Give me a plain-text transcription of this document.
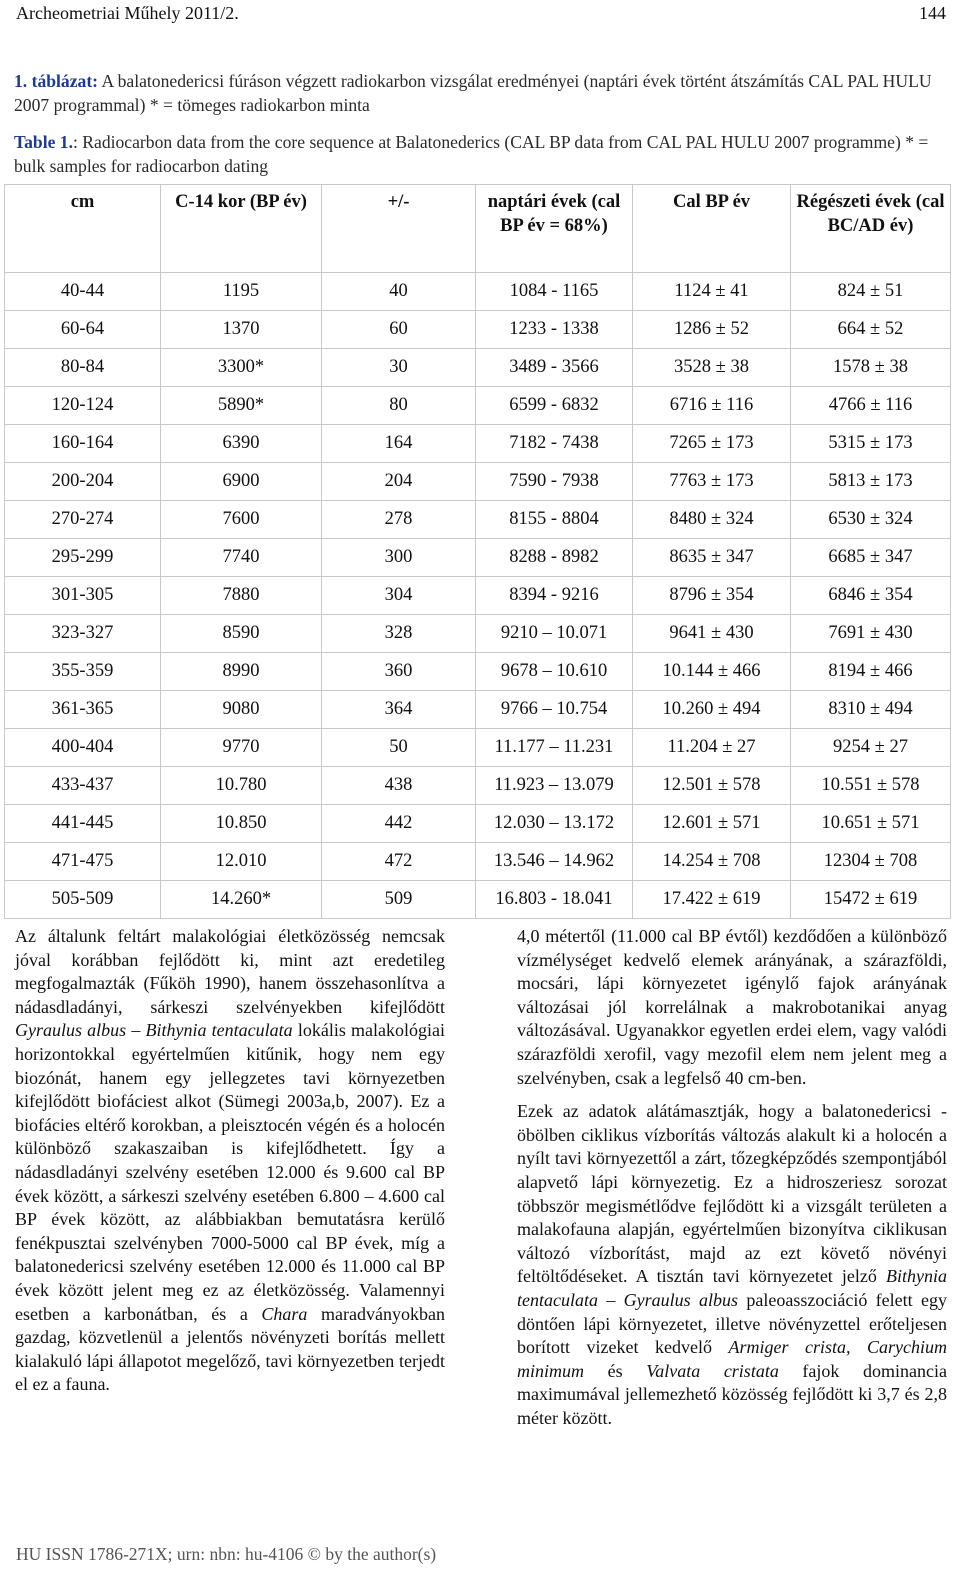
Archeometriai Műhely 2011/2.	144
1. táblázat: A balatonedericsi fúráson végzett radiokarbon vizsgálat eredményei (naptári évek történt átszámítás CAL PAL HULU 2007 programmal) * = tömeges radiokarbon minta
Table 1.: Radiocarbon data from the core sequence at Balatonederics (CAL BP data from CAL PAL HULU 2007 programme) * = bulk samples for radiocarbon dating
cm	C-14 kor (BP év)	+/-	naptári évek (cal BP év = 68%)	Cal BP év	Régészeti évek (cal BC/AD év)
40-44	1195	40	1084 - 1165	1124 ± 41	824 ± 51
60-64	1370	60	1233 - 1338	1286 ± 52	664 ± 52
80-84	3300*	30	3489 - 3566	3528 ± 38	1578 ± 38
120-124	5890*	80	6599 - 6832	6716 ± 116	4766 ± 116
160-164	6390	164	7182 - 7438	7265 ± 173	5315 ± 173
200-204	6900	204	7590 - 7938	7763 ± 173	5813 ± 173
270-274	7600	278	8155 - 8804	8480 ± 324	6530 ± 324
295-299	7740	300	8288 - 8982	8635 ± 347	6685 ± 347
301-305	7880	304	8394 - 9216	8796 ± 354	6846 ± 354
323-327	8590	328	9210 – 10.071	9641 ± 430	7691 ± 430
355-359	8990	360	9678 – 10.610	10.144 ± 466	8194 ± 466
361-365	9080	364	9766 – 10.754	10.260 ± 494	8310 ± 494
400-404	9770	50	11.177 – 11.231	11.204 ± 27	9254 ± 27
433-437	10.780	438	11.923 – 13.079	12.501 ± 578	10.551 ± 578
441-445	10.850	442	12.030 – 13.172	12.601 ± 571	10.651 ± 571
471-475	12.010	472	13.546 – 14.962	14.254 ± 708	12304 ± 708
505-509	14.260*	509	16.803 - 18.041	17.422 ± 619	15472 ± 619

Az általunk feltárt malakológiai életközösség nemcsak jóval korábban fejlődött ki, mint azt eredetileg megfogalmazták (Fűköh 1990), hanem összehasonlítva a nádasdladányi, sárkeszi szelvényekben kifejlődött Gyraulus albus – Bithynia tentaculata lokális malakológiai horizontokkal egyértelműen kitűnik, hogy nem egy biozónát, hanem egy jellegzetes tavi környezetben kifejlődött biofáciest alkot (Sümegi 2003a,b, 2007). Ez a biofácies eltérő korokban, a pleisztocén végén és a holocén különböző szakaszaiban is kifejlődhetett. Így a nádasdladányi szelvény esetében 12.000 és 9.600 cal BP évek között, a sárkeszi szelvény esetében 6.800 – 4.600 cal BP évek között, az alábbiakban bemutatásra kerülő fenékpusztai szelvényben 7000-5000 cal BP évek, míg a balatonedericsi szelvény esetében 12.000 és 11.000 cal BP évek között jelent meg ez az életközösség. Valamennyi esetben a karbonátban, és a Chara maradványokban gazdag, közvetlenül a jelentős növényzeti borítás mellett kialakuló lápi állapotot megelőző, tavi környezetben terjedt el ez a fauna.

4,0 métertől (11.000 cal BP évtől) kezdődően a különböző vízmélységet kedvelő elemek arányának, a szárazföldi, mocsári, lápi környezetet igénylő fajok arányának változásai jól korrelálnak a makrobotanikai anyag változásával. Ugyanakkor egyetlen erdei elem, vagy valódi szárazföldi xerofil, vagy mezofil elem nem jelent meg a szelvényben, csak a legfelső 40 cm-ben.

Ezek az adatok alátámasztják, hogy a balatonedericsi - öbölben ciklikus vízborítás változás alakult ki a holocén a nyílt tavi környezettől a zárt, tőzegképződés szempontjából alapvető lápi környezetig. Ez a hidroszeriesz sorozat többször megismétlődve fejlődött ki a vizsgált területen a malakofauna alapján, egyértelműen bizonyítva ciklikusan változó vízborítást, majd az ezt követő növényi feltöltődéseket. A tisztán tavi környezetet jelző Bithynia tentaculata – Gyraulus albus paleoasszociáció felett egy döntően lápi környezetet, illetve növényzettel erőteljesen borított vizeket kedvelő Armiger crista, Carychium minimum és Valvata cristata fajok dominanciа maximumával jellemezhető közösség fejlődött ki 3,7 és 2,8 méter között.

HU ISSN 1786-271X; urn: nbn: hu-4106 © by the author(s)
